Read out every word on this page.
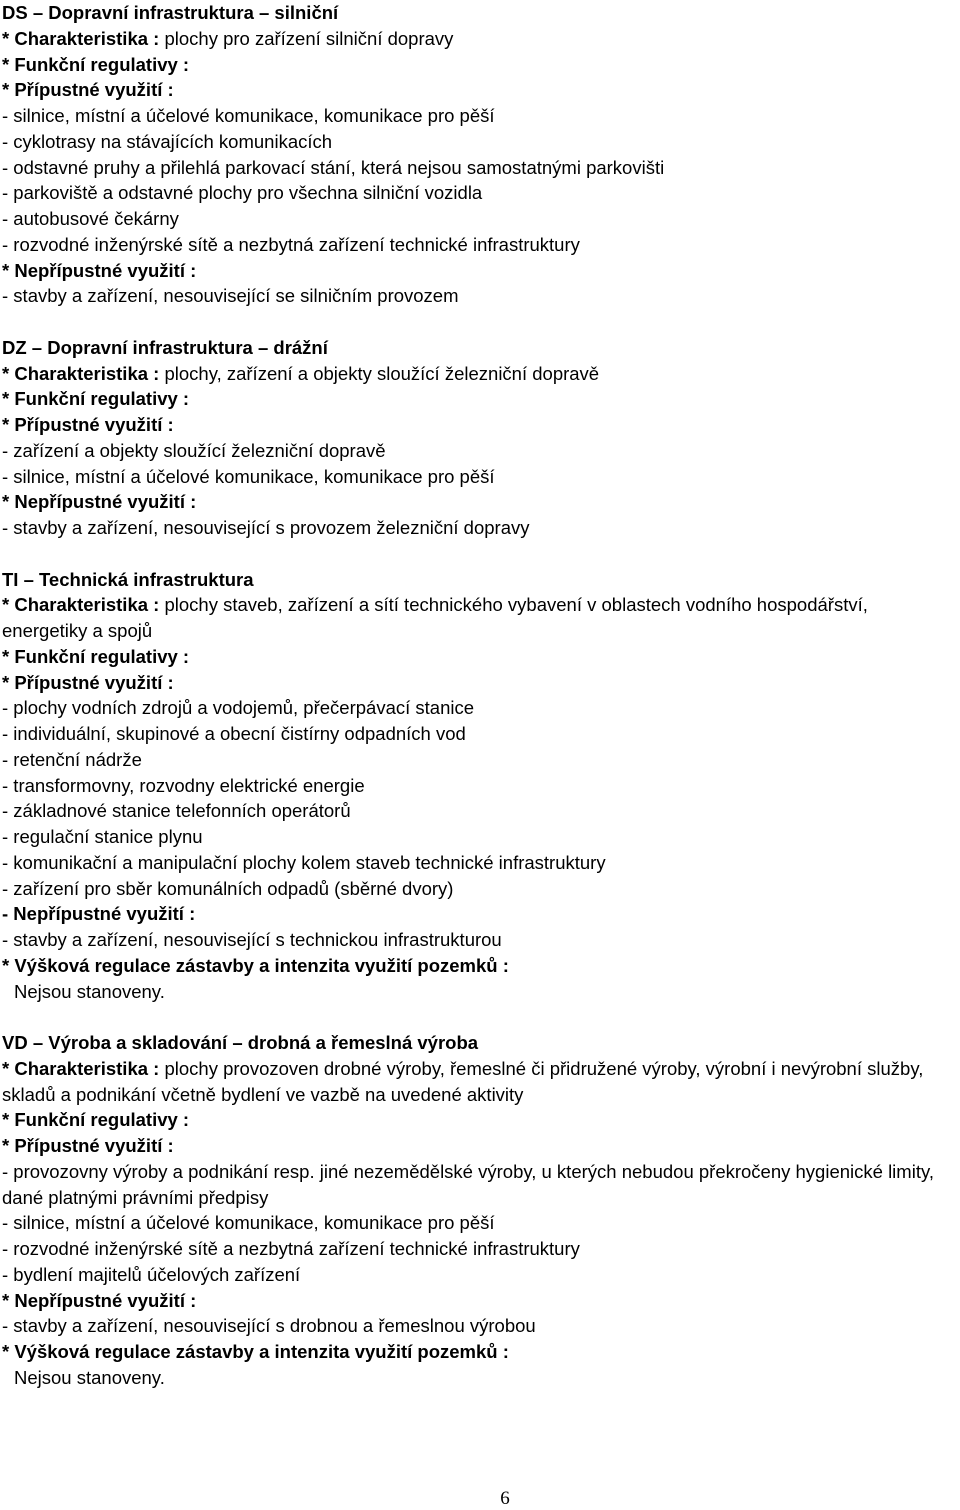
DS – Dopravní infrastruktura – silniční
* Charakteristika : plochy pro zařízení silniční dopravy
* Funkční regulativy :
* Přípustné využití :
- silnice, místní a účelové komunikace, komunikace pro pěší
- cyklotrasy na stávajících komunikacích
- odstavné pruhy a přilehlá parkovací stání, která nejsou samostatnými parkovišti
- parkoviště a odstavné plochy pro všechna silniční vozidla
- autobusové čekárny
- rozvodné inženýrské sítě a nezbytná zařízení technické infrastruktury
* Nepřípustné využití :
- stavby a zařízení, nesouvisející se silničním provozem
DZ – Dopravní infrastruktura – drážní
* Charakteristika : plochy, zařízení a objekty sloužící železniční dopravě
* Funkční regulativy :
* Přípustné využití :
- zařízení a objekty sloužící železniční dopravě
- silnice, místní a účelové komunikace, komunikace pro pěší
* Nepřípustné využití :
- stavby a zařízení, nesouvisející s provozem železniční dopravy
TI – Technická infrastruktura
* Charakteristika : plochy staveb, zařízení a sítí technického vybavení v oblastech vodního hospodářství, energetiky a spojů
* Funkční regulativy :
* Přípustné využití :
- plochy vodních zdrojů a vodojemů, přečerpávací stanice
- individuální, skupinové a obecní čistírny odpadních vod
- retenční nádrže
- transformovny, rozvodny elektrické energie
- základnové stanice telefonních operátorů
- regulační stanice plynu
- komunikační a manipulační plochy kolem staveb technické infrastruktury
- zařízení pro sběr komunálních odpadů (sběrné dvory)
- Nepřípustné využití :
- stavby a zařízení, nesouvisející s technickou infrastrukturou
* Výšková regulace zástavby a intenzita využití pozemků :
Nejsou stanoveny.
VD – Výroba a skladování – drobná a řemeslná výroba
* Charakteristika : plochy provozoven drobné výroby, řemeslné či přidružené výroby, výrobní i nevýrobní služby, skladů a podnikání včetně bydlení ve vazbě na uvedené aktivity
* Funkční regulativy :
* Přípustné využití :
- provozovny výroby a podnikání resp. jiné nezemědělské výroby, u kterých nebudou překročeny hygienické limity, dané platnými právními předpisy
- silnice, místní a účelové komunikace, komunikace pro pěší
- rozvodné inženýrské sítě a nezbytná zařízení technické infrastruktury
- bydlení majitelů účelových zařízení
* Nepřípustné využití :
- stavby a zařízení, nesouvisející s drobnou a řemeslnou výrobou
* Výšková regulace zástavby a intenzita využití pozemků :
Nejsou stanoveny.
6
